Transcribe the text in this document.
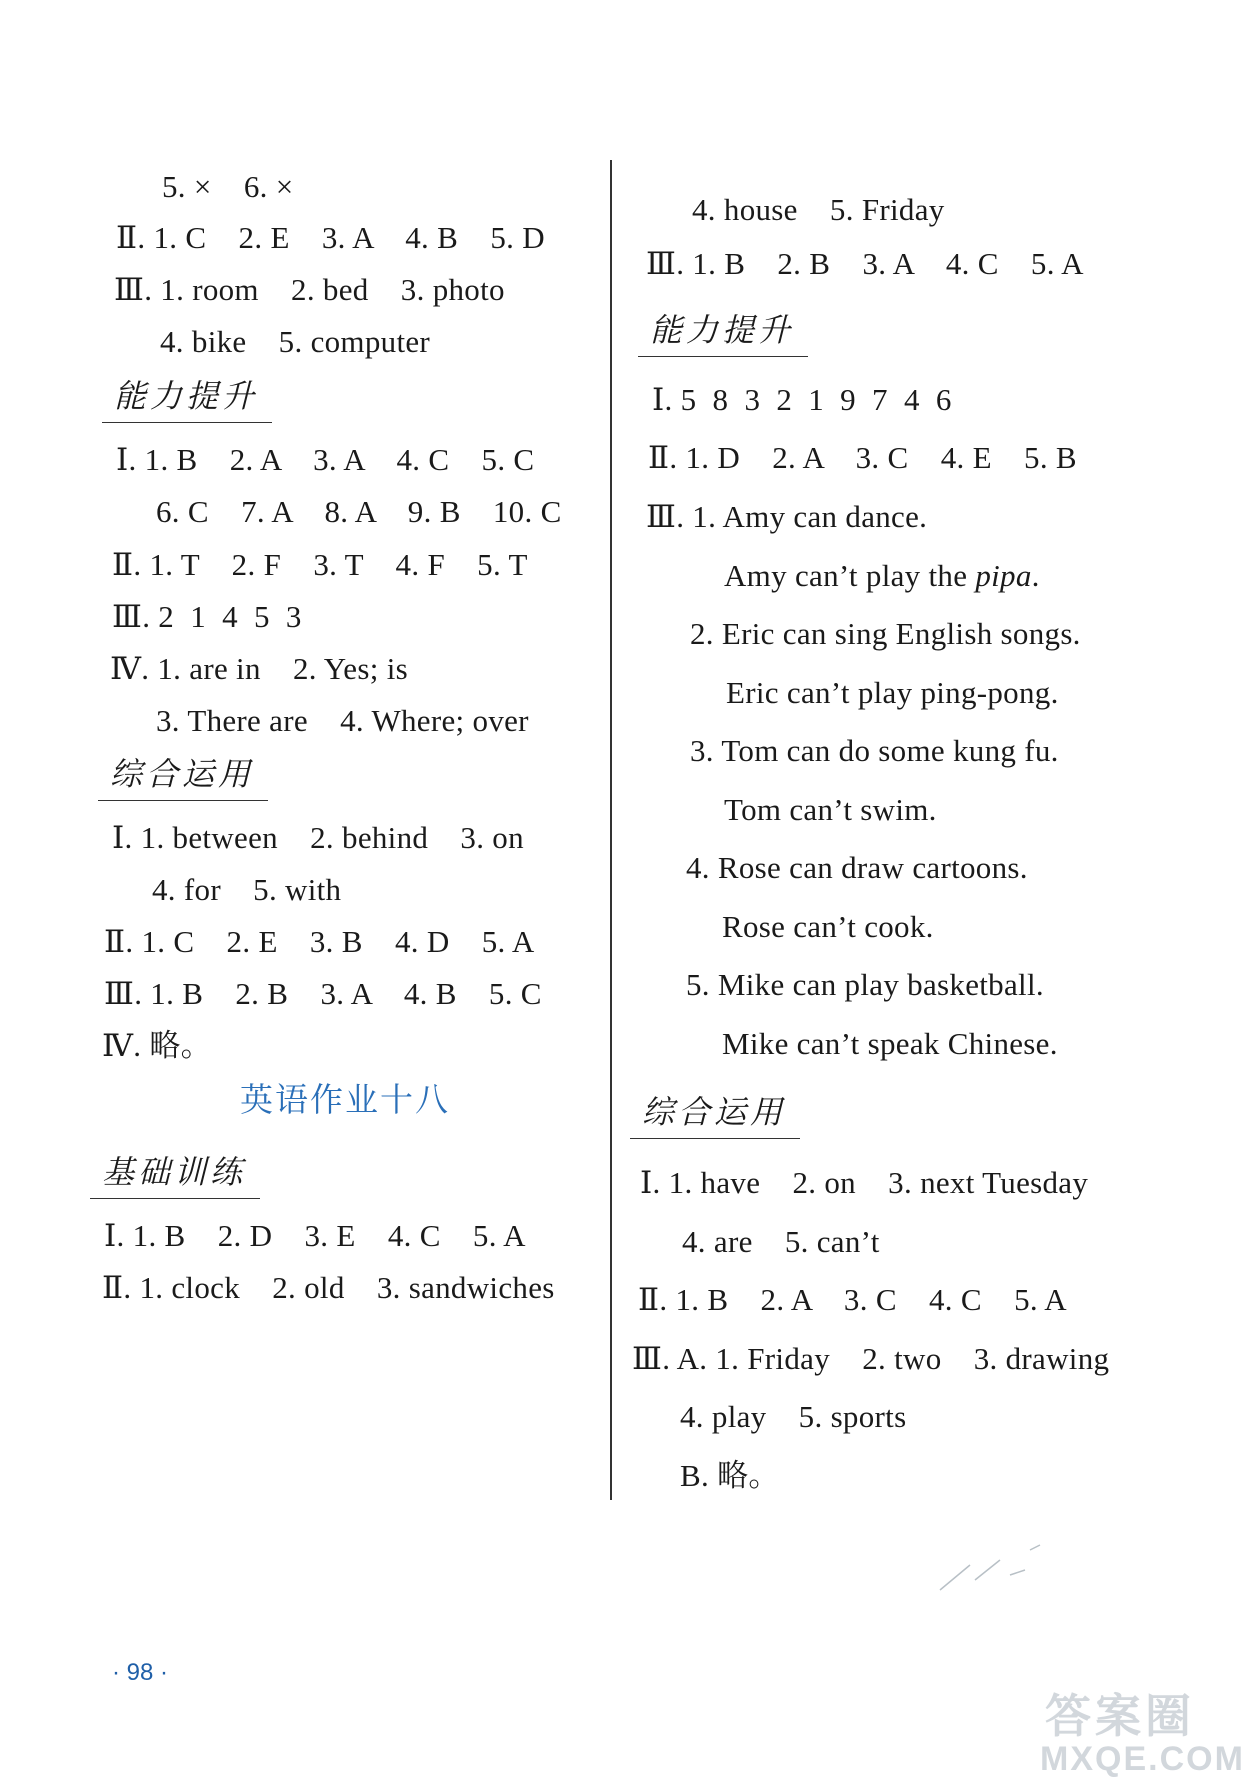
5. ×    6. ×
Ⅱ. 1. C    2. E    3. A    4. B    5. D
Ⅲ. 1. room    2. bed    3. photo
4. bike    5. computer
能力提升
Ⅰ. 1. B    2. A    3. A    4. C    5. C
6. C    7. A    8. A    9. B    10. C
Ⅱ. 1. T    2. F    3. T    4. F    5. T
Ⅲ. 2  1  4  5  3
Ⅳ. 1. are in    2. Yes; is
3. There are    4. Where; over
综合运用
Ⅰ. 1. between    2. behind    3. on
4. for    5. with
Ⅱ. 1. C    2. E    3. B    4. D    5. A
Ⅲ. 1. B    2. B    3. A    4. B    5. C
Ⅳ. 略。
英语作业十八
基础训练
Ⅰ. 1. B    2. D    3. E    4. C    5. A
Ⅱ. 1. clock    2. old    3. sandwiches
4. house    5. Friday
Ⅲ. 1. B    2. B    3. A    4. C    5. A
能力提升
Ⅰ. 5  8  3  2  1  9  7  4  6
Ⅱ. 1. D    2. A    3. C    4. E    5. B
Ⅲ. 1. Amy can dance.
Amy can’t play the pipa.
2. Eric can sing English songs.
Eric can’t play ping-pong.
3. Tom can do some kung fu.
Tom can’t swim.
4. Rose can draw cartoons.
Rose can’t cook.
5. Mike can play basketball.
Mike can’t speak Chinese.
综合运用
Ⅰ. 1. have    2. on    3. next Tuesday
4. are    5. can’t
Ⅱ. 1. B    2. A    3. C    4. C    5. A
Ⅲ. A. 1. Friday    2. two    3. drawing
4. play    5. sports
B. 略。
· 98 ·
答案圈
MXQE.COM
